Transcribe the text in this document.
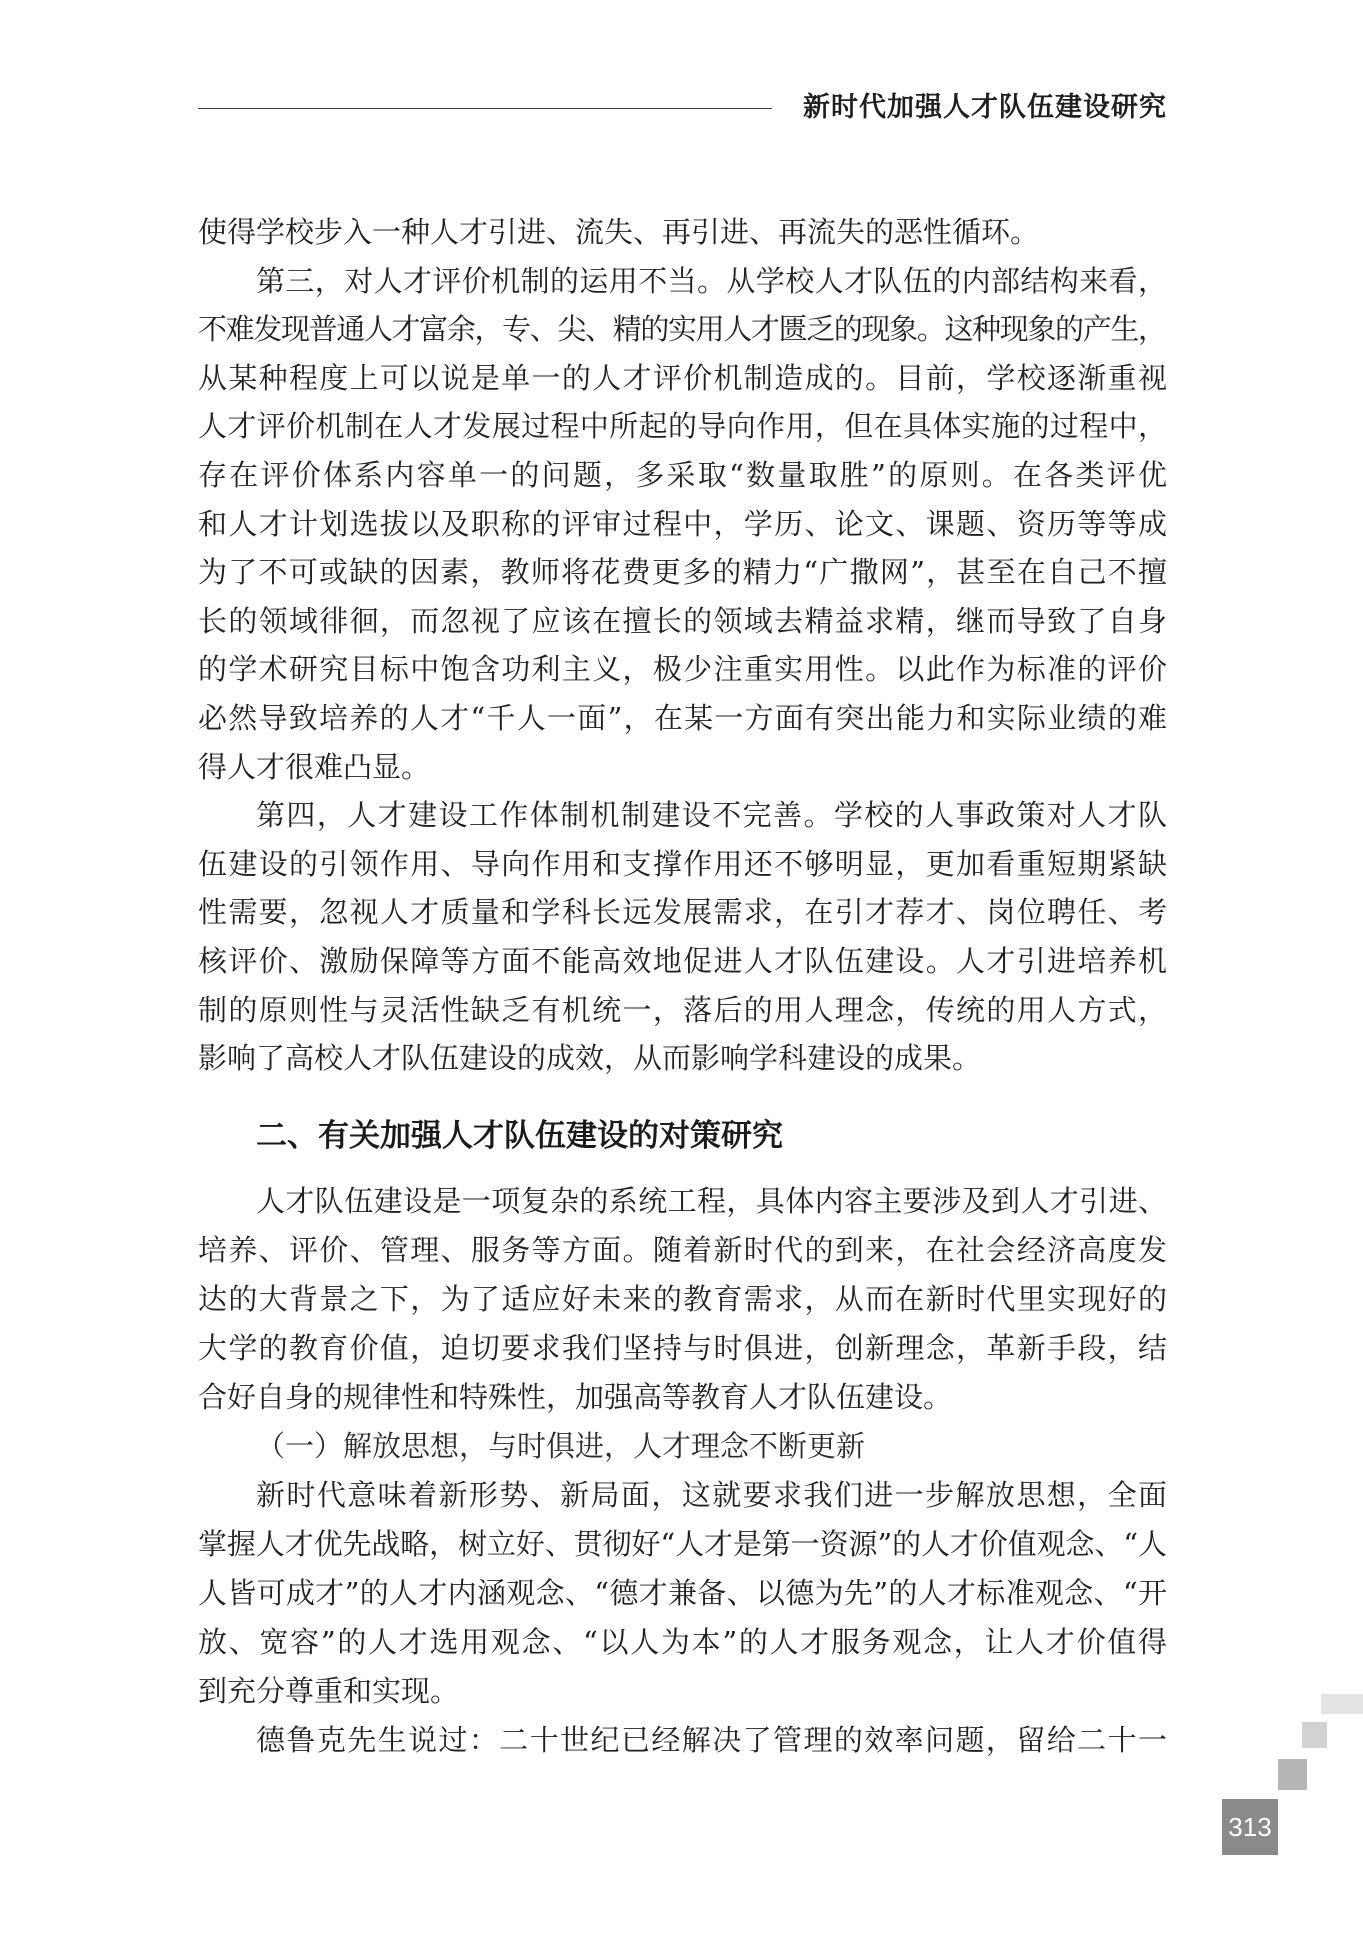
新时代加强人才队伍建设研究
使得学校步入一种人才引进、流失、再引进、再流失的恶性循环。
第三，对人才评价机制的运用不当。从学校人才队伍的内部结构来看，
不难发现普通人才富余，专、尖、精的实用人才匮乏的现象。这种现象的产生，
从某种程度上可以说是单一的人才评价机制造成的。目前，学校逐渐重视
人才评价机制在人才发展过程中所起的导向作用，但在具体实施的过程中，
存在评价体系内容单一的问题，多采取“数量取胜”的原则。在各类评优
和人才计划选拔以及职称的评审过程中，学历、论文、课题、资历等等成
为了不可或缺的因素，教师将花费更多的精力“广撒网”，甚至在自己不擅
长的领域徘徊，而忽视了应该在擅长的领域去精益求精，继而导致了自身
的学术研究目标中饱含功利主义，极少注重实用性。以此作为标准的评价
必然导致培养的人才“千人一面”，在某一方面有突出能力和实际业绩的难
得人才很难凸显。
第四，人才建设工作体制机制建设不完善。学校的人事政策对人才队
伍建设的引领作用、导向作用和支撑作用还不够明显，更加看重短期紧缺
性需要，忽视人才质量和学科长远发展需求，在引才荐才、岗位聘任、考
核评价、激励保障等方面不能高效地促进人才队伍建设。人才引进培养机
制的原则性与灵活性缺乏有机统一，落后的用人理念，传统的用人方式，
影响了高校人才队伍建设的成效，从而影响学科建设的成果。
二、有关加强人才队伍建设的对策研究
人才队伍建设是一项复杂的系统工程，具体内容主要涉及到人才引进、
培养、评价、管理、服务等方面。随着新时代的到来，在社会经济高度发
达的大背景之下，为了适应好未来的教育需求，从而在新时代里实现好的
大学的教育价值，迫切要求我们坚持与时俱进，创新理念，革新手段，结
合好自身的规律性和特殊性，加强高等教育人才队伍建设。
（一）解放思想，与时俱进，人才理念不断更新
新时代意味着新形势、新局面，这就要求我们进一步解放思想，全面
掌握人才优先战略，树立好、贯彻好“人才是第一资源”的人才价值观念、“人
人皆可成才”的人才内涵观念、“德才兼备、以德为先”的人才标准观念、“开
放、宽容”的人才选用观念、“以人为本”的人才服务观念，让人才价值得
到充分尊重和实现。
德鲁克先生说过：二十世纪已经解决了管理的效率问题，留给二十一
313
